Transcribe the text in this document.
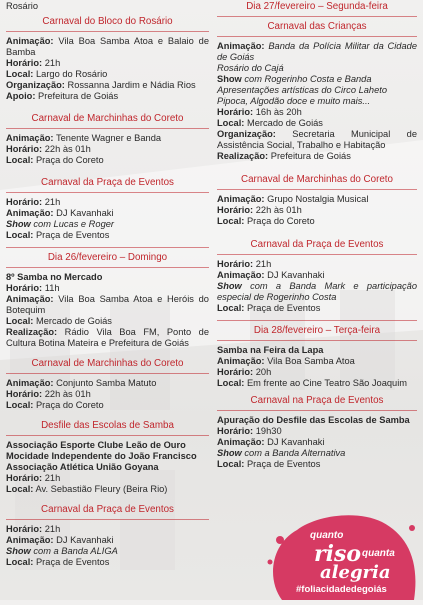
Rosário

Carnaval do Bloco do Rosário

Animação: Vila Boa Samba Atoa e Balaio de Bamba

Horário: 21h

Local: Largo do Rosário

Organização: Rossanna Jardim e Nádia Rios

Apoio: Prefeitura de Goiás

Carnaval de Marchinhas do Coreto

Animação: Tenente Wagner e Banda

Horário: 22h às 01h

Local: Praça do Coreto

Carnaval da Praça de Eventos

Horário: 21h

Animação: DJ Kavanhaki

Show com Lucas e Roger

Local: Praça de Eventos

Dia 26/fevereiro – Domingo

8º Samba no Mercado

Horário: 11h

Animação: Vila Boa Samba Atoa e Heróis do Botequim

Local: Mercado de Goiás

Realização: Rádio Vila Boa FM, Ponto de Cultura Botina Mateira e Prefeitura de Goiás

Carnaval de Marchinhas do Coreto

Animação: Conjunto Samba Matuto

Horário: 22h às 01h

Local: Praça do Coreto

Desfile das Escolas de Samba

Associação Esporte Clube Leão de Ouro

Mocidade Independente do João Francisco

Associação Atlética União Goyana

Horário: 21h

Local: Av. Sebastião Fleury (Beira Rio)

Carnaval da Praça de Eventos

Horário: 21h

Animação: DJ Kavanhaki

Show com a Banda ALIGA

Local: Praça de Eventos

Dia 27/fevereiro – Segunda-feira

Carnaval das Crianças

Animação: Banda da Polícia Militar da Cidade de Goiás

Rosário do Cajá

Show com Rogerinho Costa e Banda

Apresentações artísticas do Circo Laheto

Pipoca, Algodão doce e muito mais...

Horário: 16h às 20h

Local: Mercado de Goiás

Organização: Secretaria Municipal de Assistência Social, Trabalho e Habitação

Realização: Prefeitura de Goiás

Carnaval de Marchinhas do Coreto

Animação: Grupo Nostalgia Musical

Horário: 22h às 01h

Local: Praça do Coreto

Carnaval da Praça de Eventos

Horário: 21h

Animação: DJ Kavanhaki

Show com a Banda Mark e participação especial de Rogerinho Costa

Local: Praça de Eventos

Dia 28/fevereiro – Terça-feira

Samba na Feira da Lapa

Animação: Vila Boa Samba Atoa

Horário: 20h

Local: Em frente ao Cine Teatro São Joaquim

Carnaval na Praça de Eventos

Apuração do Desfile das Escolas de Samba

Horário: 19h30

Animação: DJ Kavanhaki

Show com a Banda Alternativa

Local: Praça de Eventos

quanto
riso quanta
alegria
#foliacidadedegoiás
